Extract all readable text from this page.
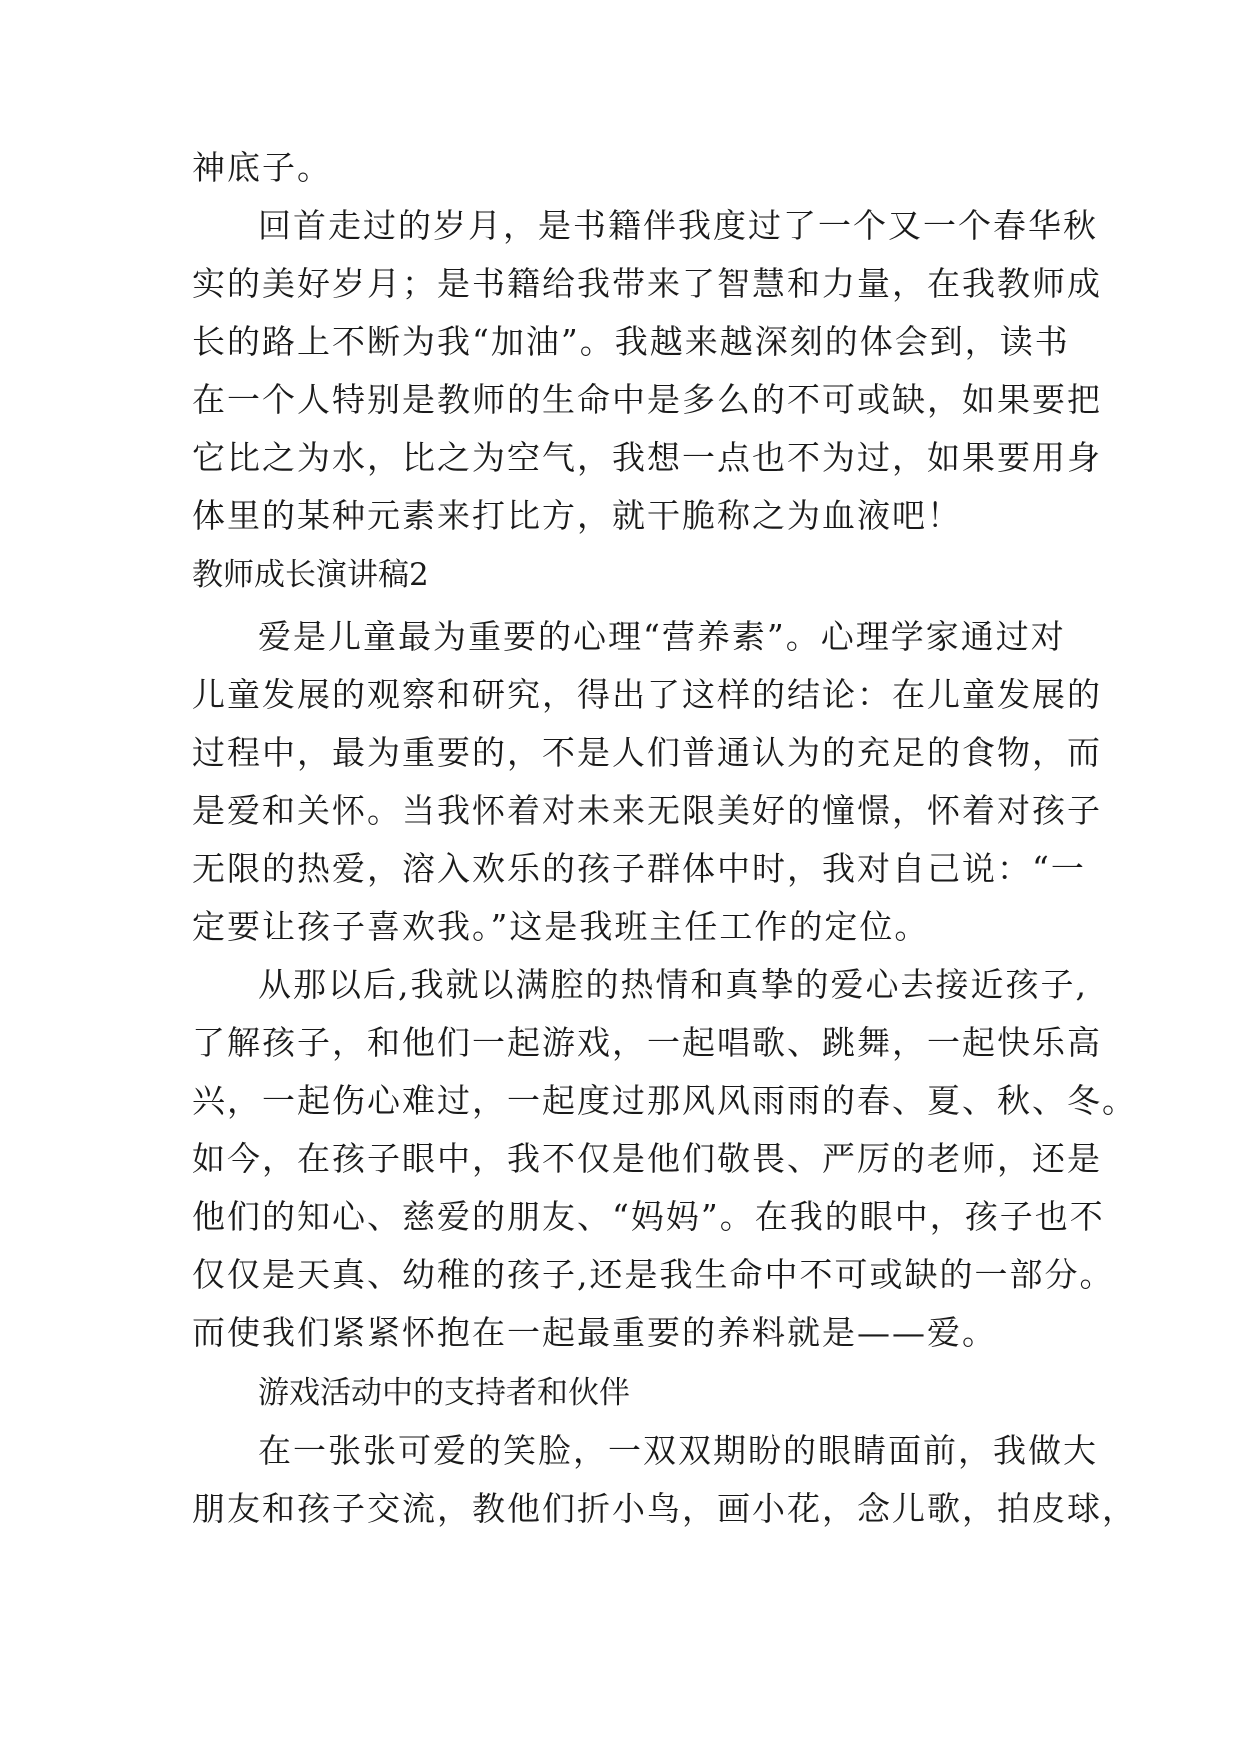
神底子。
回首走过的岁月，是书籍伴我度过了一个又一个春华秋
实的美好岁月；是书籍给我带来了智慧和力量，在我教师成
长的路上不断为我“加油”。我越来越深刻的体会到，读书
在一个人特别是教师的生命中是多么的不可或缺，如果要把
它比之为水，比之为空气，我想一点也不为过，如果要用身
体里的某种元素来打比方，就干脆称之为血液吧！
教师成长演讲稿2
爱是儿童最为重要的心理“营养素”。心理学家通过对
儿童发展的观察和研究，得出了这样的结论：在儿童发展的
过程中，最为重要的，不是人们普通认为的充足的食物，而
是爱和关怀。当我怀着对未来无限美好的憧憬，怀着对孩子
无限的热爱，溶入欢乐的孩子群体中时，我对自己说：“一
定要让孩子喜欢我。”这是我班主任工作的定位。
从那以后,我就以满腔的热情和真挚的爱心去接近孩子,
了解孩子，和他们一起游戏，一起唱歌、跳舞，一起快乐高
兴，一起伤心难过，一起度过那风风雨雨的春、夏、秋、冬。
如今，在孩子眼中，我不仅是他们敬畏、严厉的老师，还是
他们的知心、慈爱的朋友、“妈妈”。在我的眼中，孩子也不
仅仅是天真、幼稚的孩子,还是我生命中不可或缺的一部分。
而使我们紧紧怀抱在一起最重要的养料就是——爱。
游戏活动中的支持者和伙伴
在一张张可爱的笑脸，一双双期盼的眼睛面前，我做大
朋友和孩子交流，教他们折小鸟，画小花，念儿歌，拍皮球，
